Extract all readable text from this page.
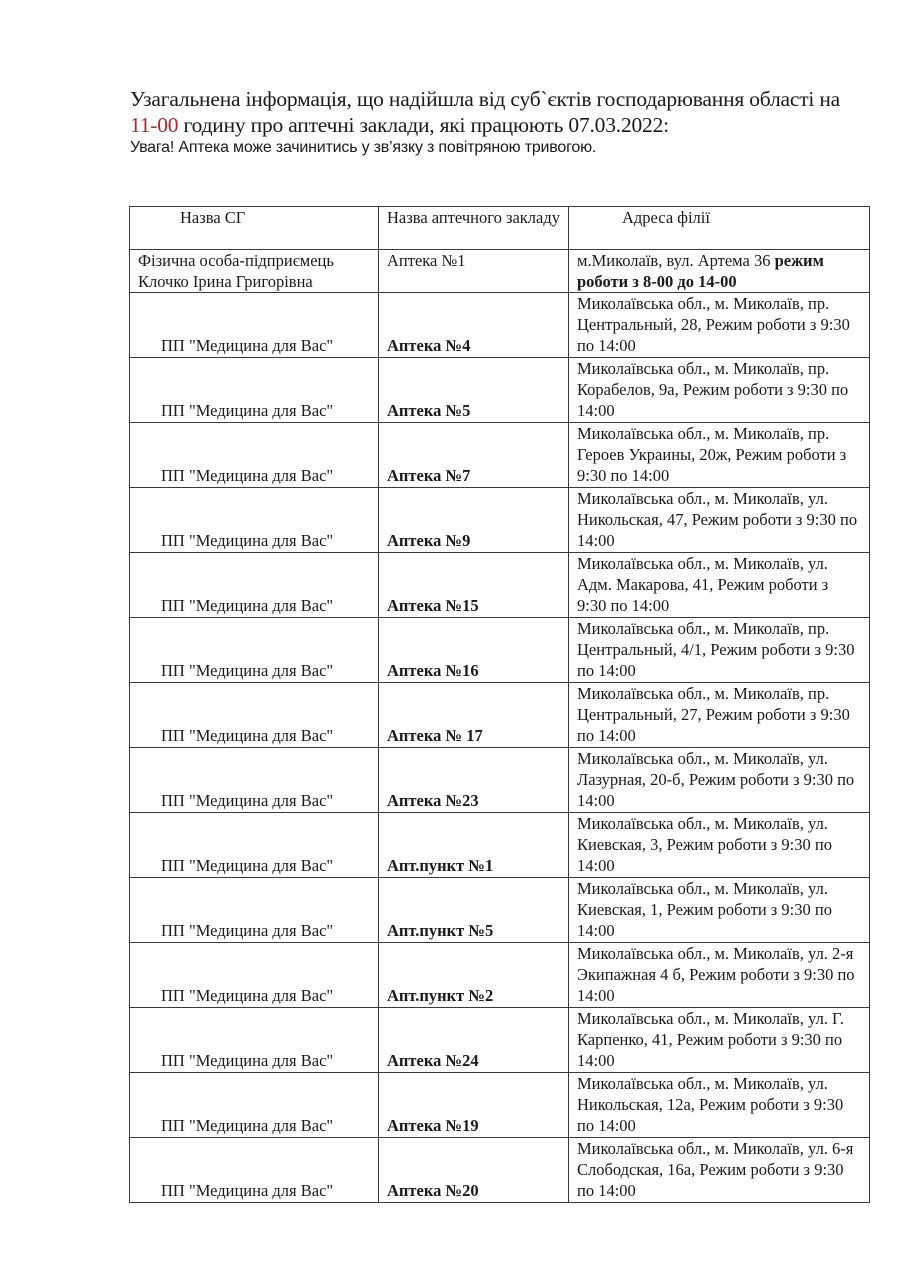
Узагальнена інформація, що надійшла від суб`єктів господарювання області на
11-00 годину про аптечні заклади, які працюють 07.03.2022:
Увага! Аптека може зачинитись у зв’язку з повітряною тривогою.
Назва СГ	Назва аптечного закладу	Адреса філії
Фізична особа-підприємець Клочко Ірина Григорівна	Аптека №1	м.Миколаїв, вул. Артема 36 режим роботи з 8-00 до 14-00
ПП "Медицина для Вас"	Аптека №4	Миколаївська обл., м. Миколаїв, пр. Центральный, 28, Режим роботи з 9:30 по 14:00
ПП "Медицина для Вас"	Аптека №5	Миколаївська обл., м. Миколаїв, пр. Корабелов, 9а, Режим роботи з 9:30 по 14:00
ПП "Медицина для Вас"	Аптека №7	Миколаївська обл., м. Миколаїв, пр. Героев Украины, 20ж, Режим роботи з 9:30 по 14:00
ПП "Медицина для Вас"	Аптека №9	Миколаївська обл., м. Миколаїв, ул. Никольская, 47, Режим роботи з 9:30 по 14:00
ПП "Медицина для Вас"	Аптека №15	Миколаївська обл., м. Миколаїв, ул. Адм. Макарова, 41, Режим роботи з 9:30 по 14:00
ПП "Медицина для Вас"	Аптека №16	Миколаївська обл., м. Миколаїв, пр. Центральный, 4/1, Режим роботи з 9:30 по 14:00
ПП "Медицина для Вас"	Аптека № 17	Миколаївська обл., м. Миколаїв, пр. Центральный, 27, Режим роботи з 9:30 по 14:00
ПП "Медицина для Вас"	Аптека №23	Миколаївська обл., м. Миколаїв, ул. Лазурная, 20-б, Режим роботи з 9:30 по 14:00
ПП "Медицина для Вас"	Апт.пункт №1	Миколаївська обл., м. Миколаїв, ул. Киевская, 3, Режим роботи з 9:30 по 14:00
ПП "Медицина для Вас"	Апт.пункт №5	Миколаївська обл., м. Миколаїв, ул. Киевская, 1, Режим роботи з 9:30 по 14:00
ПП "Медицина для Вас"	Апт.пункт №2	Миколаївська обл., м. Миколаїв, ул. 2-я Экипажная 4 б, Режим роботи з 9:30 по 14:00
ПП "Медицина для Вас"	Аптека №24	Миколаївська обл., м. Миколаїв, ул. Г. Карпенко, 41, Режим роботи з 9:30 по 14:00
ПП "Медицина для Вас"	Аптека №19	Миколаївська обл., м. Миколаїв, ул. Никольская, 12а, Режим роботи з 9:30 по 14:00
ПП "Медицина для Вас"	Аптека №20	Миколаївська обл., м. Миколаїв, ул. 6-я Слободская, 16а, Режим роботи з 9:30 по 14:00
